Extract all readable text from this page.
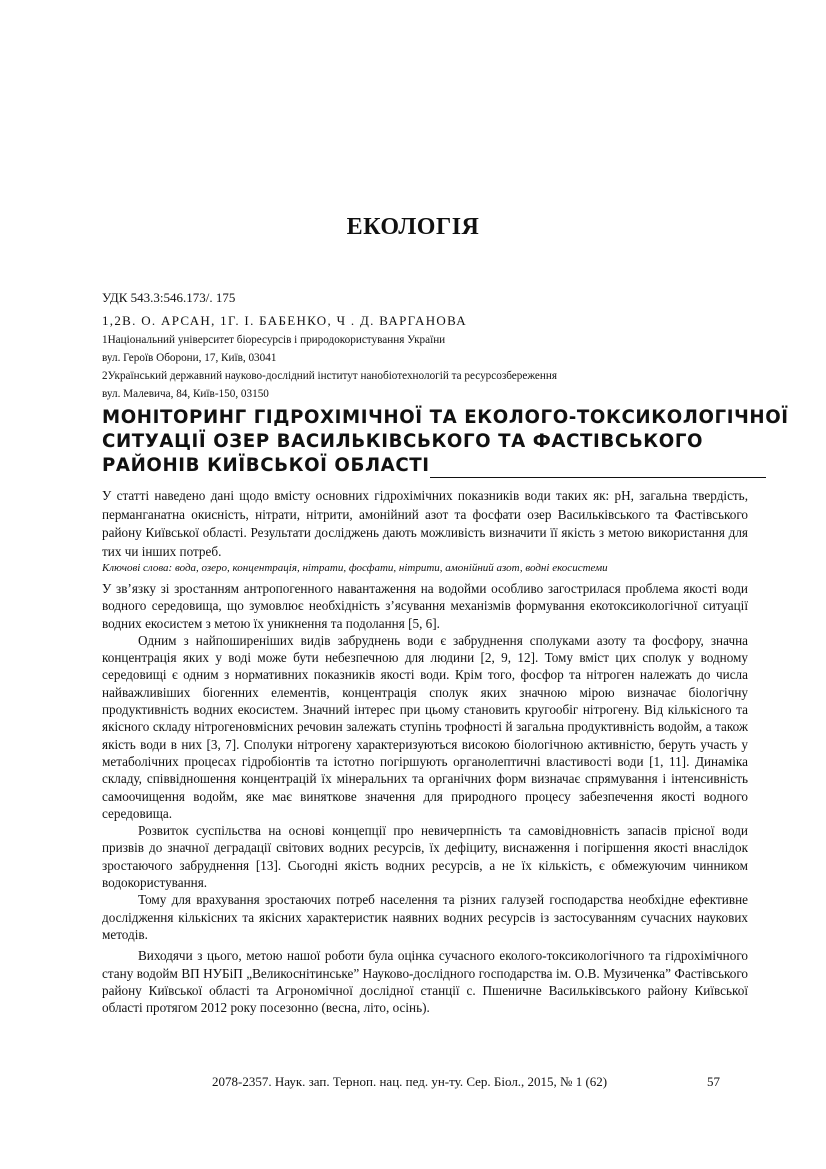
ЕКОЛОГІЯ
УДК 543.3:546.173/. 175
1,2В. О. АРСАН, 1Г. І. БАБЕНКО, Ч . Д. ВАРГАНОВА
1Національний університет біоресурсів і природокористування України
вул. Героїв Оборони, 17, Київ, 03041
2Український державний науково-дослідний інститут нанобіотехнологій та ресурсозбереження
вул. Малевича, 84, Київ-150, 03150
МОНІТОРИНГ ГІДРОХІМІЧНОЇ ТА ЕКОЛОГО-ТОКСИКОЛОГІЧНОЇ
СИТУАЦІЇ ОЗЕР ВАСИЛЬКІВСЬКОГО ТА ФАСТІВСЬКОГО
РАЙОНІВ КИЇВСЬКОЇ ОБЛАСТІ
У статті наведено дані щодо вмісту основних гідрохімічних показників води таких як: pH, загальна твердість, перманганатна окисність, нітрати, нітрити, амонійний азот та фосфати озер Васильківського та Фастівського району Київської області. Результати досліджень дають можливість визначити її якість з метою використання для тих чи інших потреб.
Ключові слова: вода, озеро, концентрація, нітрати, фосфати, нітрити, амонійний азот, водні екосистеми

У зв’язку зі зростанням антропогенного навантаження на водойми особливо загострилася проблема якості води водного середовища, що зумовлює необхідність з’ясування механізмів формування екотоксикологічної ситуації водних екосистем з метою їх уникнення та подолання [5, 6].

Одним з найпоширеніших видів забруднень води є забруднення сполуками азоту та фосфору, значна концентрація яких у воді може бути небезпечною для людини [2, 9, 12]. Тому вміст цих сполук у водному середовищі є одним з нормативних показників якості води. Крім того, фосфор та нітроген належать до числа найважливіших біогенних елементів, концентрація сполук яких значною мірою визначає біологічну продуктивність водних екосистем. Значний інтерес при цьому становить кругообіг нітрогену. Від кількісного та якісного складу нітрогеновмісних речовин залежать ступінь трофності й загальна продуктивність водойм, а також якість води в них [3, 7]. Сполуки нітрогену характеризуються високою біологічною активністю, беруть участь у метаболічних процесах гідробіонтів та істотно погіршують органолептичні властивості води [1, 11]. Динаміка складу, співвідношення концентрацій їх мінеральних та органічних форм визначає спрямування і інтенсивність самоочищення водойм, яке має виняткове значення для природного процесу забезпечення якості водного середовища.

Розвиток суспільства на основі концепції про невичерпність та самовідновність запасів прісної води призвів до значної деградації світових водних ресурсів, їх дефіциту, виснаження і погіршення якості внаслідок зростаючого забруднення [13]. Сьогодні якість водних ресурсів, а не їх кількість, є обмежуючим чинником водокористування.

Тому для врахування зростаючих потреб населення та різних галузей господарства необхідне ефективне дослідження кількісних та якісних характеристик наявних водних ресурсів із застосуванням сучасних наукових методів.

Виходячи з цього, метою нашої роботи була оцінка сучасного еколого-токсикологічного та гідрохімічного стану водойм ВП НУБіП „Великоснітинське” Науково-дослідного господарства ім. О.В. Музиченка” Фастівського району Київської області та Агрономічної дослідної станції с. Пшеничне Васильківського району Київської області протягом 2012 року посезонно (весна, літо, осінь).

2078-2357. Наук. зап. Терноп. нац. пед. ун-ту. Сер. Біол., 2015, № 1 (62)	57
